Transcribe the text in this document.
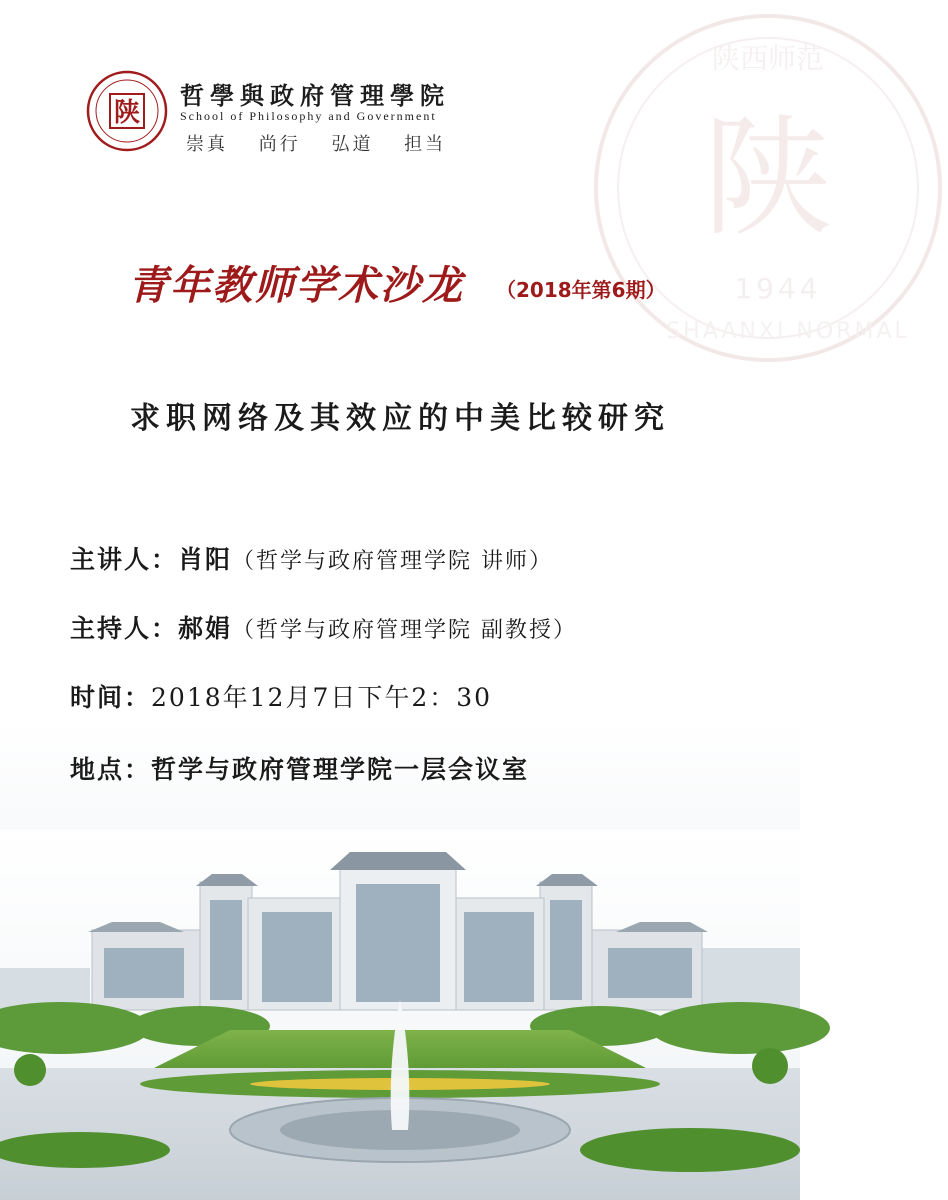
陕
陕西师范
1944
SHAANXI NORMAL
陕
哲學與政府管理學院
School of Philosophy and Government
崇真 尚行 弘道 担当
青年教师学术沙龙 （2018年第6期）
求职网络及其效应的中美比较研究
主讲人：肖阳（哲学与政府管理学院 讲师）
主持人：郝娟（哲学与政府管理学院 副教授）
时间：2018年12月7日下午2：30
地点：哲学与政府管理学院一层会议室
